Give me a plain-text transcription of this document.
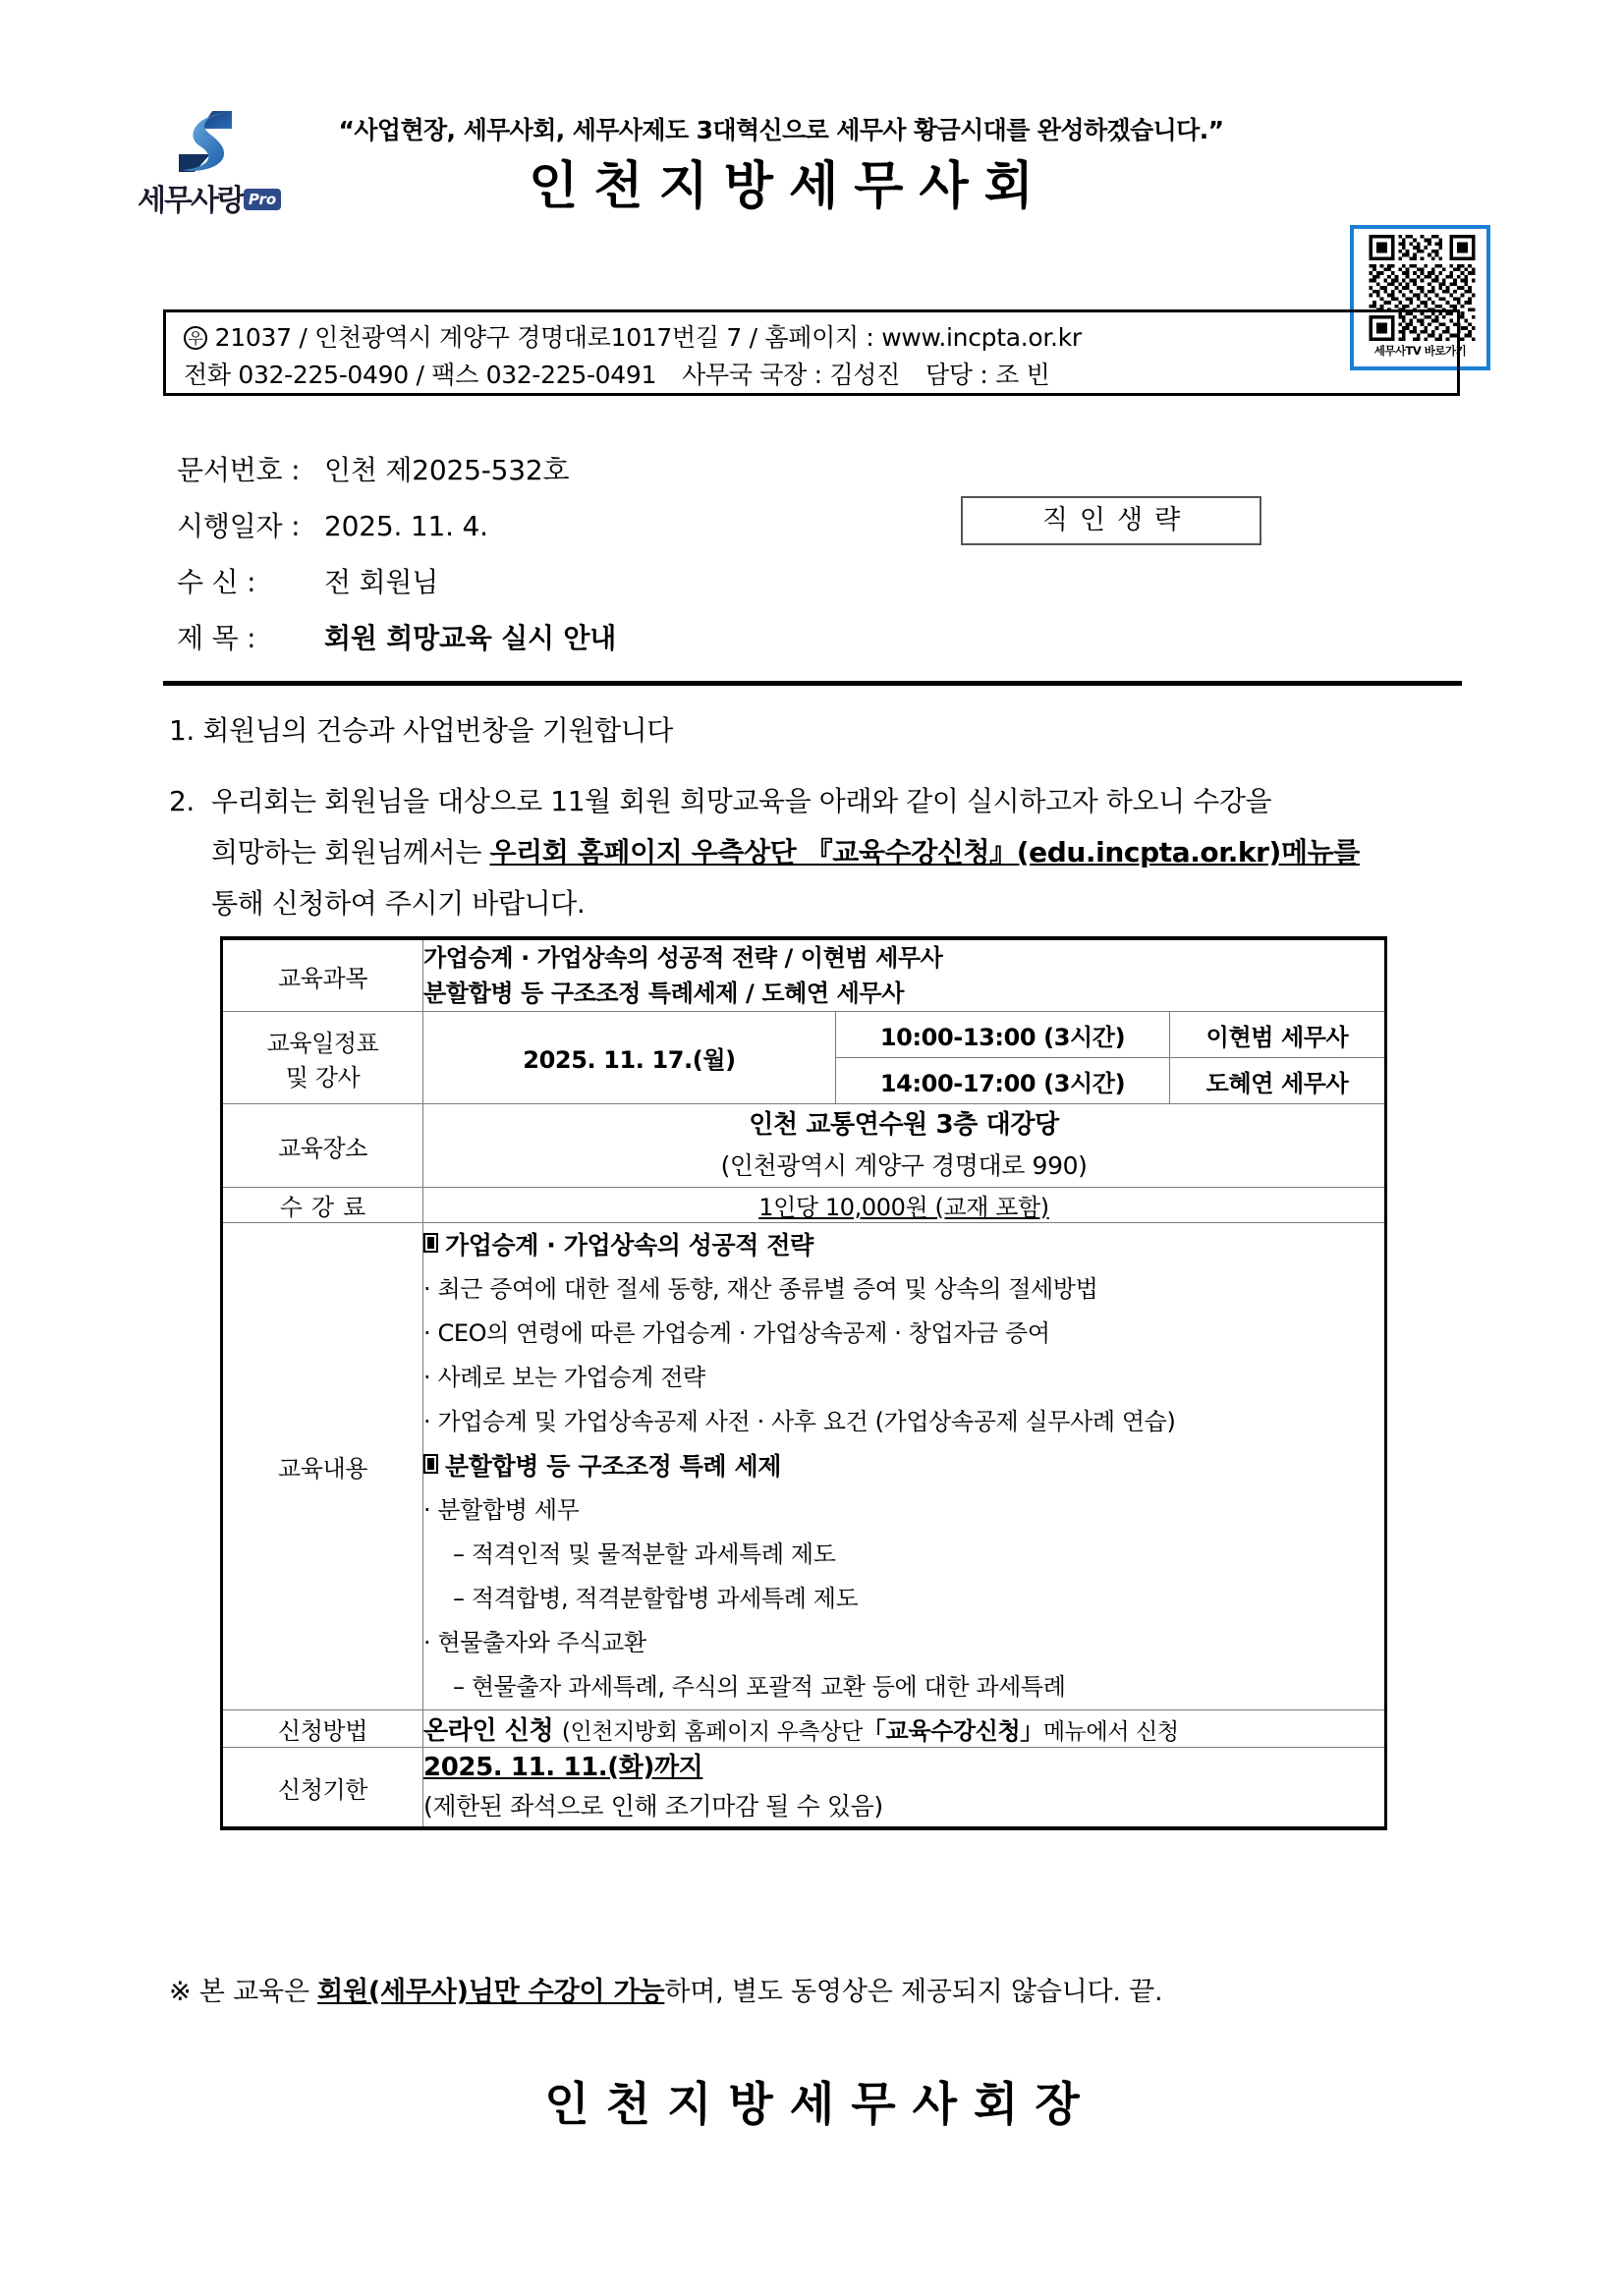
세무사랑 Pro
“사업현장, 세무사회, 세무사제도 3대혁신으로 세무사 황금시대를 완성하겠습니다.”
인천지방세무사회
세무사TV 바로가기
우 21037 / 인천광역시 계양구 경명대로1017번길 7 / 홈페이지 : www.incpta.or.kr
전화 032-225-0490 / 팩스 032-225-0491 사무국 국장 : 김성진 담당 : 조 빈
문서번호 : 인천 제2025-532호
시행일자 : 2025. 11. 4.
수 신 : 전 회원님
제 목 : 회원 희망교육 실시 안내
직인생략
1. 회원님의 건승과 사업번창을 기원합니다
2. 우리회는 회원님을 대상으로 11월 회원 희망교육을 아래와 같이 실시하고자 하오니 수강을
희망하는 회원님께서는 우리회 홈페이지 우측상단 『교육수강신청』(edu.incpta.or.kr)메뉴를
통해 신청하여 주시기 바랍니다.
교육과목	가업승계 · 가업상속의 성공적 전략 / 이현범 세무사
분할합병 등 구조조정 특례세제 / 도혜연 세무사		

교육일정표
및 강사	2025. 11. 17.(월)	10:00-13:00 (3시간)	이현범 세무사
		14:00-17:00 (3시간)	도혜연 세무사
교육장소	인천 교통연수원 3층 대강당
(인천광역시 계양구 경명대로 990)		

수강료	1인당 10,000원 (교재 포함)		
교육내용	
가업승계 · 가업상속의 성공적 전략
· 최근 증여에 대한 절세 동향, 재산 종류별 증여 및 상속의 절세방법
· CEO의 연령에 따른 가업승계 · 가업상속공제 · 창업자금 증여
· 사례로 보는 가업승계 전략
· 가업승계 및 가업상속공제 사전 · 사후 요건 (가업상속공제 실무사례 연습)
분할합병 등 구조조정 특례 세제
· 분할합병 세무
– 적격인적 및 물적분할 과세특례 제도
– 적격합병, 적격분할합병 과세특례 제도
· 현물출자와 주식교환
– 현물출자 과세특례, 주식의 포괄적 교환 등에 대한 과세특례

신청방법	온라인 신청 (인천지방회 홈페이지 우측상단「교육수강신청」메뉴에서 신청		
신청기한	2025. 11. 11.(화)까지
(제한된 좌석으로 인해 조기마감 될 수 있음)		
※ 본 교육은 회원(세무사)님만 수강이 가능하며, 별도 동영상은 제공되지 않습니다. 끝.
인천지방세무사회장
